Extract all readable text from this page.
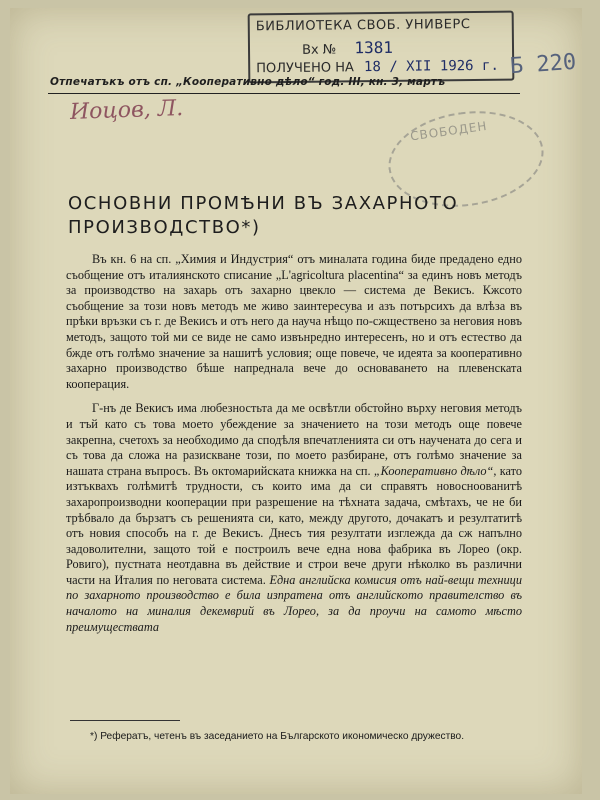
БИБЛИОТЕКА СВОБ. УНИВЕРС
Вх № 1381
ПОЛУЧЕНО НА 18 / XII 1926 г. Б 220
Отпечатъкъ отъ сп. „Кооперативно дѣло“ год. III, кн. 3, мартъ
Иоцов, Л.
СВОБОДЕН
ОСНОВНИ ПРОМѢНИ ВЪ ЗАХАРНОТО ПРОИЗВОДСТВО*)

Въ кн. 6 на сп. „Химия и Индустрия“ отъ миналата година биде предадено едно съобщение отъ италиянското списание „L'agricoltura placentina“ за единъ новъ методъ за производство на захарь отъ захарно цвекло — система де Векисъ. Кжсото съобщение за този новъ методъ ме живо заинтересува и азъ потърсихъ да влѣза въ прѣки връзки съ г. де Векисъ и отъ него да науча нѣщо по-сжществено за неговия новъ методъ, защото той ми се виде не само извънредно интересенъ, но и отъ естество да бжде отъ голѣмо значение за нашитѣ условия; още повече, че идеята за кооперативно захарно производство бѣше напреднала вече до основаването на плевенската кооперация.

Г-нъ де Векисъ има любезностьта да ме освѣтли обстойно върху неговия методъ и тъй като съ това моето убеждение за значението на този методъ още повече закрепна, счетохъ за необходимо да сподѣля впечатленията си отъ научената до сега и съ това да сложа на разискване този, по моето разбиране, отъ голѣмо значение за нашата страна въпросъ. Въ октомарийската книжка на сп. „Кооперативно дѣло“, като изтъквахъ голѣмитѣ трудности, съ които има да си справятъ новосноованитѣ захаропроизводни кооперации при разрешение на тѣхната задача, смѣтахъ, че не би трѣбвало да бързатъ съ решенията си, като, между другото, дочакатъ и резултатитѣ отъ новия способъ на г. де Векисъ. Днесъ тия резултати изглежда да сж напълно задоволителни, защото той е построилъ вече една нова фабрика въ Лорео (окр. Ровиго), пустната неотдавна въ действие и строи вече други нѣколко въ различни части на Италия по неговата система. Една английска комисия отъ най-вещи техници по захарното производство е била изпратена отъ английското правителство въ началото на миналия декемврий въ Лорео, за да проучи на самото мѣсто преимуществата

*) Рефератъ, четенъ въ заседанието на Българското икономическо дружество.
